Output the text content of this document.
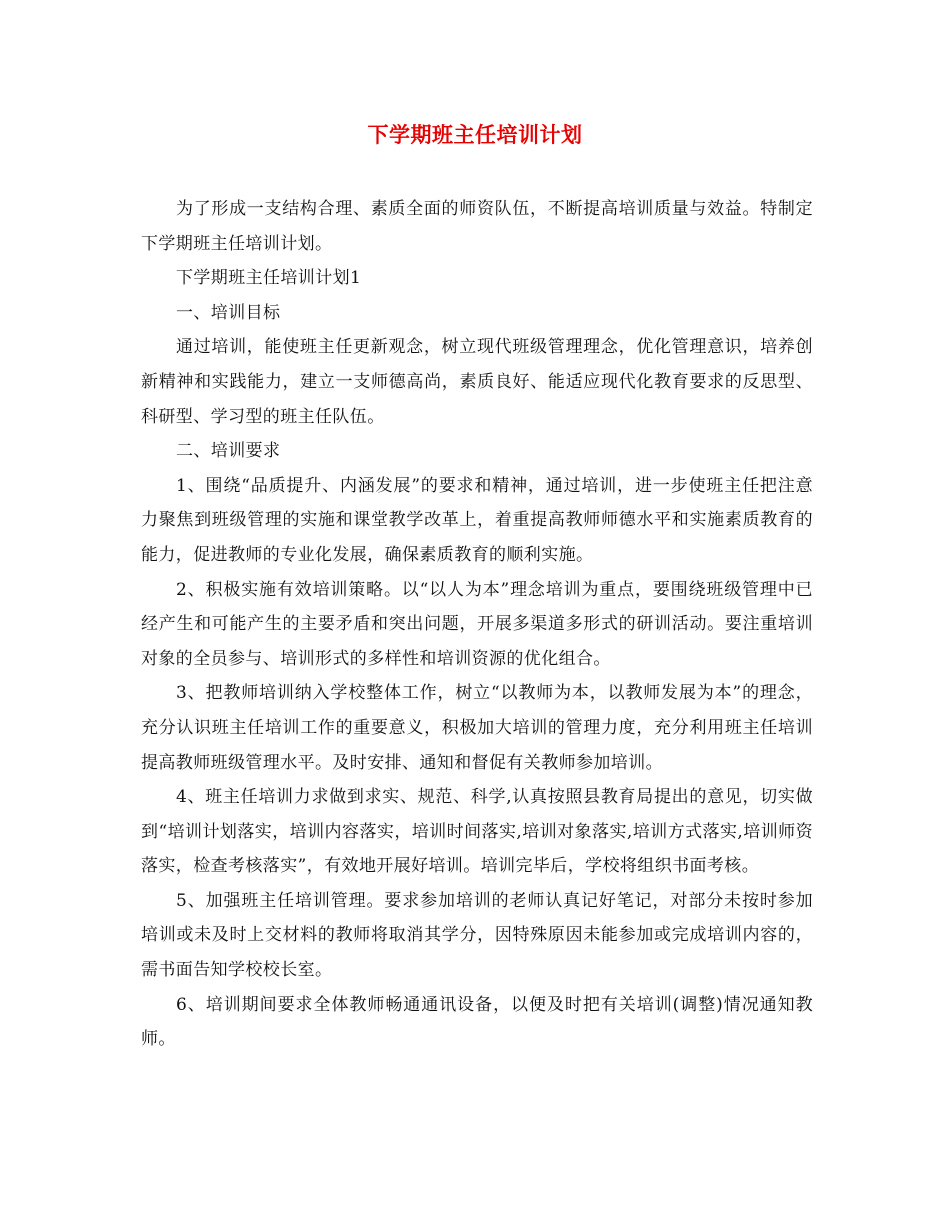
下学期班主任培训计划

为了形成一支结构合理、素质全面的师资队伍，不断提高培训质量与效益。特制定下学期班主任培训计划。

下学期班主任培训计划1

一、培训目标

通过培训，能使班主任更新观念，树立现代班级管理理念，优化管理意识，培养创新精神和实践能力，建立一支师德高尚，素质良好、能适应现代化教育要求的反思型、科研型、学习型的班主任队伍。

二、培训要求

1、围绕“品质提升、内涵发展”的要求和精神，通过培训，进一步使班主任把注意力聚焦到班级管理的实施和课堂教学改革上，着重提高教师师德水平和实施素质教育的能力，促进教师的专业化发展，确保素质教育的顺利实施。

2、积极实施有效培训策略。以“以人为本”理念培训为重点，要围绕班级管理中已经产生和可能产生的主要矛盾和突出问题，开展多渠道多形式的研训活动。要注重培训对象的全员参与、培训形式的多样性和培训资源的优化组合。

3、把教师培训纳入学校整体工作，树立“以教师为本，以教师发展为本”的理念，充分认识班主任培训工作的重要意义，积极加大培训的管理力度，充分利用班主任培训提高教师班级管理水平。及时安排、通知和督促有关教师参加培训。

4、班主任培训力求做到求实、规范、科学,认真按照县教育局提出的意见，切实做到“培训计划落实，培训内容落实，培训时间落实,培训对象落实,培训方式落实,培训师资落实，检查考核落实”，有效地开展好培训。培训完毕后，学校将组织书面考核。

5、加强班主任培训管理。要求参加培训的老师认真记好笔记，对部分未按时参加培训或未及时上交材料的教师将取消其学分，因特殊原因未能参加或完成培训内容的，需书面告知学校校长室。

6、培训期间要求全体教师畅通通讯设备，以便及时把有关培训(调整)情况通知教师。
